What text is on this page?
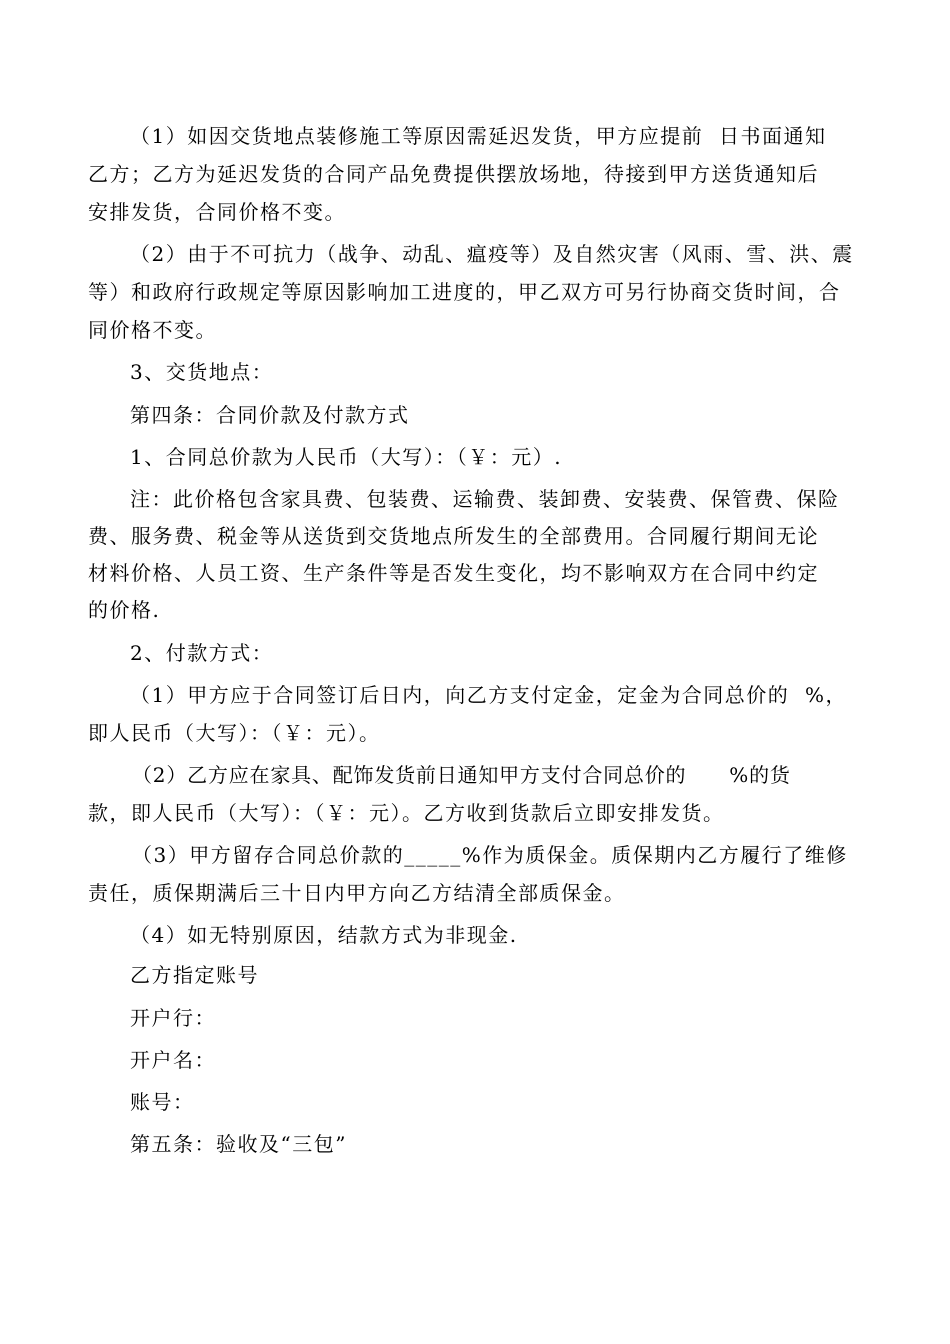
（1）如因交货地点装修施工等原因需延迟发货，甲方应提前  日书面通知
乙方；乙方为延迟发货的合同产品免费提供摆放场地，待接到甲方送货通知后
安排发货，合同价格不变。
（2）由于不可抗力（战争、动乱、瘟疫等）及自然灾害（风雨、雪、洪、震
等）和政府行政规定等原因影响加工进度的，甲乙双方可另行协商交货时间，合
同价格不变。
3、交货地点：
第四条：合同价款及付款方式
1、合同总价款为人民币（大写）：（￥：元）.
注：此价格包含家具费、包装费、运输费、装卸费、安装费、保管费、保险
费、服务费、税金等从送货到交货地点所发生的全部费用。合同履行期间无论
材料价格、人员工资、生产条件等是否发生变化，均不影响双方在合同中约定
的价格.
2、付款方式：
（1）甲方应于合同签订后日内，向乙方支付定金，定金为合同总价的  %，
即人民币（大写）：（￥：元）。
（2）乙方应在家具、配饰发货前日通知甲方支付合同总价的      %的货
款，即人民币（大写）：（￥：元）。乙方收到货款后立即安排发货。
（3）甲方留存合同总价款的_____%作为质保金。质保期内乙方履行了维修
责任，质保期满后三十日内甲方向乙方结清全部质保金。
（4）如无特别原因，结款方式为非现金.
乙方指定账号
开户行：
开户名：
账号：
第五条：验收及“三包”
